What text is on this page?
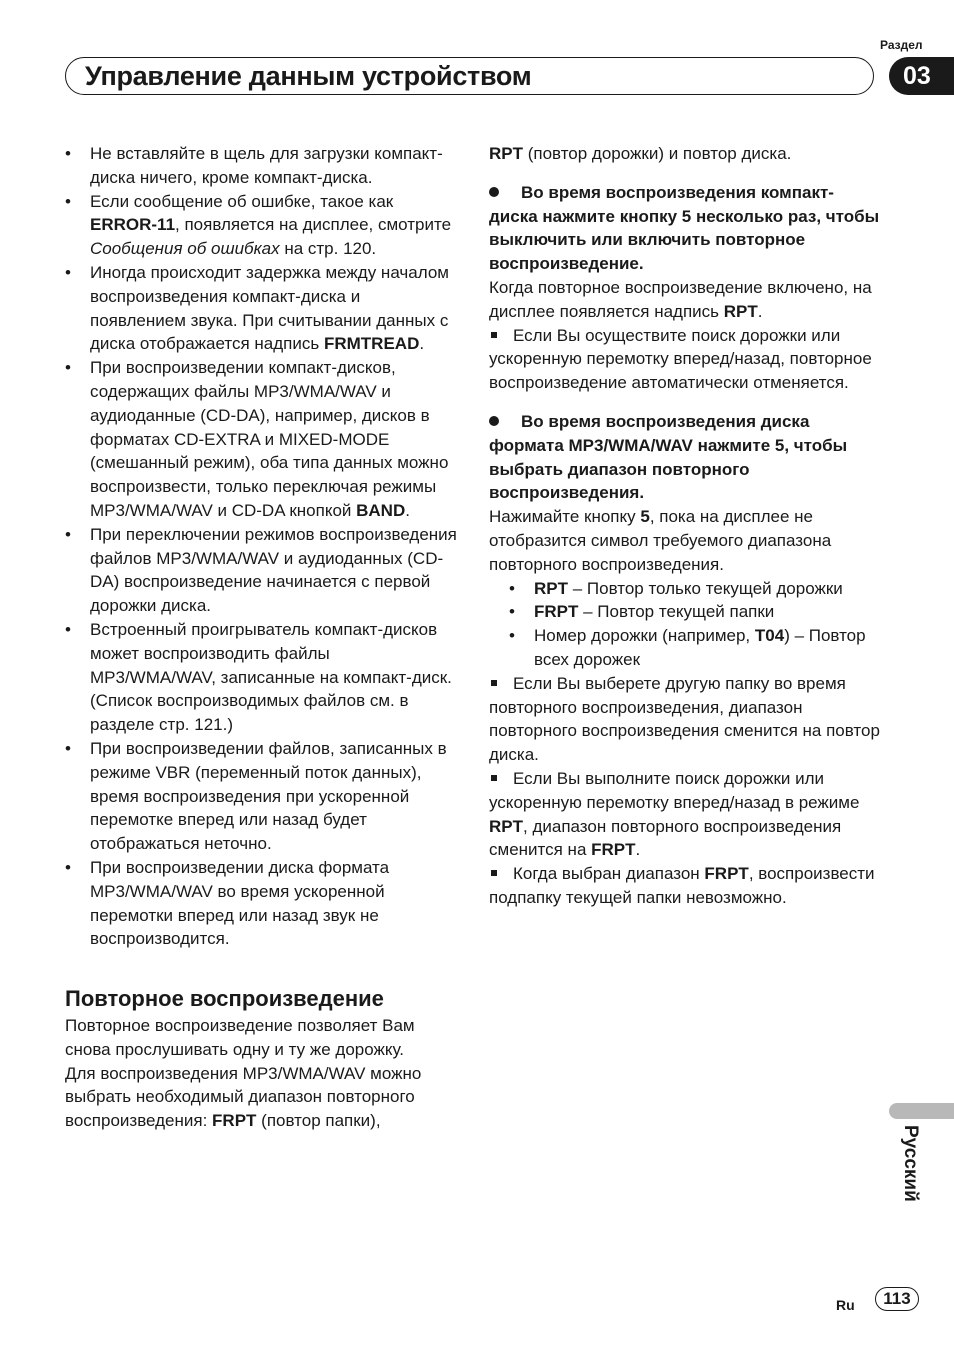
Раздел
Управление данным устройством	03
• Не вставляйте в щель для загрузки компакт-диска ничего, кроме компакт-диска.
• Если сообщение об ошибке, такое как ERROR-11, появляется на дисплее, смотрите Сообщения об ошибках на стр. 120.
• Иногда происходит задержка между началом воспроизведения компакт-диска и появлением звука. При считывании данных с диска отображается надпись FRMTREAD.
• При воспроизведении компакт-дисков, содержащих файлы MP3/WMA/WAV и аудиоданные (CD-DA), например, дисков в форматах CD-EXTRA и MIXED-MODE (смешанный режим), оба типа данных можно воспроизвести, только переключая режимы MP3/WMA/WAV и CD-DA кнопкой BAND.
• При переключении режимов воспроизведения файлов MP3/WMA/WAV и аудиоданных (CD-DA) воспроизведение начинается с первой дорожки диска.
• Встроенный проигрыватель компакт-дисков может воспроизводить файлы MP3/WMA/WAV, записанные на компакт-диск. (Список воспроизводимых файлов см. в разделе стр. 121.)
• При воспроизведении файлов, записанных в режиме VBR (переменный поток данных), время воспроизведения при ускоренной перемотке вперед или назад будет отображаться неточно.
• При воспроизведении диска формата MP3/WMA/WAV во время ускоренной перемотки вперед или назад звук не воспроизводится.
Повторное воспроизведение

Повторное воспроизведение позволяет Вам снова прослушивать одну и ту же дорожку.

Для воспроизведения MP3/WMA/WAV можно выбрать необходимый диапазон повторного воспроизведения: FRPT (повтор папки),

RPT (повтор дорожки) и повтор диска.

Во время воспроизведения компакт-диска нажмите кнопку 5 несколько раз, чтобы выключить или включить повторное воспроизведение.

Когда повторное воспроизведение включено, на дисплее появляется надпись RPT.

Если Вы осуществите поиск дорожки или ускоренную перемотку вперед/назад, повторное воспроизведение автоматически отменяется.

Во время воспроизведения диска формата MP3/WMA/WAV нажмите 5, чтобы выбрать диапазон повторного воспроизведения.

Нажимайте кнопку 5, пока на дисплее не отобразится символ требуемого диапазона повторного воспроизведения.

• RPT – Повтор только текущей дорожки
• FRPT – Повтор текущей папки
• Номер дорожки (например, T04) – Повтор всех дорожек

Если Вы выберете другую папку во время повторного воспроизведения, диапазон повторного воспроизведения сменится на повтор диска.

Если Вы выполните поиск дорожки или ускоренную перемотку вперед/назад в режиме RPT, диапазон повторного воспроизведения сменится на FRPT.

Когда выбран диапазон FRPT, воспроизвести подпапку текущей папки невозможно.

Русский
Ru	113
